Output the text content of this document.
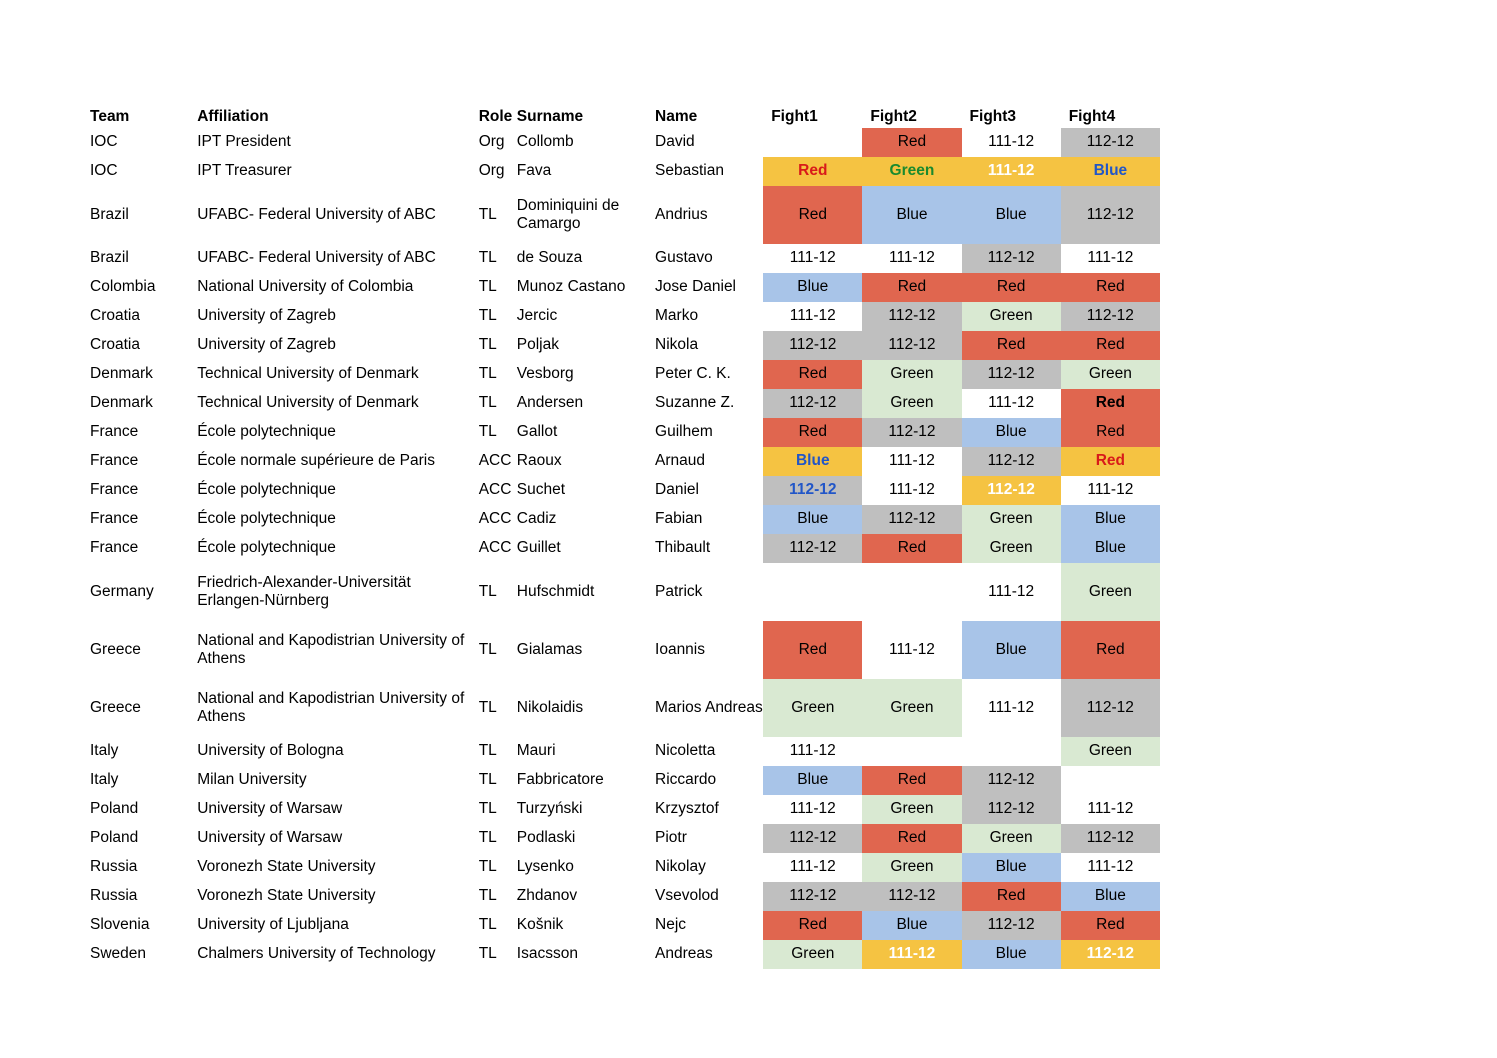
Team	Affiliation	Role	Surname	Name	Fight1	Fight2	Fight3	Fight4
IOC	IPT President	Org	Collomb	David		Red	111-12	112-12
IOC	IPT Treasurer	Org	Fava	Sebastian	Red	Green	111-12	Blue
Brazil	UFABC- Federal University of ABC	TL	Dominiquini de Camargo	Andrius	Red	Blue	Blue	112-12
Brazil	UFABC- Federal University of ABC	TL	de Souza	Gustavo	111-12	111-12	112-12	111-12
Colombia	National University of Colombia	TL	Munoz Castano	Jose Daniel	Blue	Red	Red	Red
Croatia	University of Zagreb	TL	Jercic	Marko	111-12	112-12	Green	112-12
Croatia	University of Zagreb	TL	Poljak	Nikola	112-12	112-12	Red	Red
Denmark	Technical University of Denmark	TL	Vesborg	Peter C. K.	Red	Green	112-12	Green
Denmark	Technical University of Denmark	TL	Andersen	Suzanne Z.	112-12	Green	111-12	Red
France	École polytechnique	TL	Gallot	Guilhem	Red	112-12	Blue	Red
France	École normale supérieure de Paris	ACC	Raoux	Arnaud	Blue	111-12	112-12	Red
France	École polytechnique	ACC	Suchet	Daniel	112-12	111-12	112-12	111-12
France	École polytechnique	ACC	Cadiz	Fabian	Blue	112-12	Green	Blue
France	École polytechnique	ACC	Guillet	Thibault	112-12	Red	Green	Blue
Germany	Friedrich-Alexander-Universität Erlangen-Nürnberg	TL	Hufschmidt	Patrick			111-12	Green
Greece	National and Kapodistrian University of Athens	TL	Gialamas	Ioannis	Red	111-12	Blue	Red
Greece	National and Kapodistrian University of Athens	TL	Nikolaidis	Marios Andreas	Green	Green	111-12	112-12
Italy	University of Bologna	TL	Mauri	Nicoletta	111-12			Green
Italy	Milan University	TL	Fabbricatore	Riccardo	Blue	Red	112-12	
Poland	University of Warsaw	TL	Turzyński	Krzysztof	111-12	Green	112-12	111-12
Poland	University of Warsaw	TL	Podlaski	Piotr	112-12	Red	Green	112-12
Russia	Voronezh State University	TL	Lysenko	Nikolay	111-12	Green	Blue	111-12
Russia	Voronezh State University	TL	Zhdanov	Vsevolod	112-12	112-12	Red	Blue
Slovenia	University of Ljubljana	TL	Košnik	Nejc	Red	Blue	112-12	Red
Sweden	Chalmers University of Technology	TL	Isacsson	Andreas	Green	111-12	Blue	112-12
